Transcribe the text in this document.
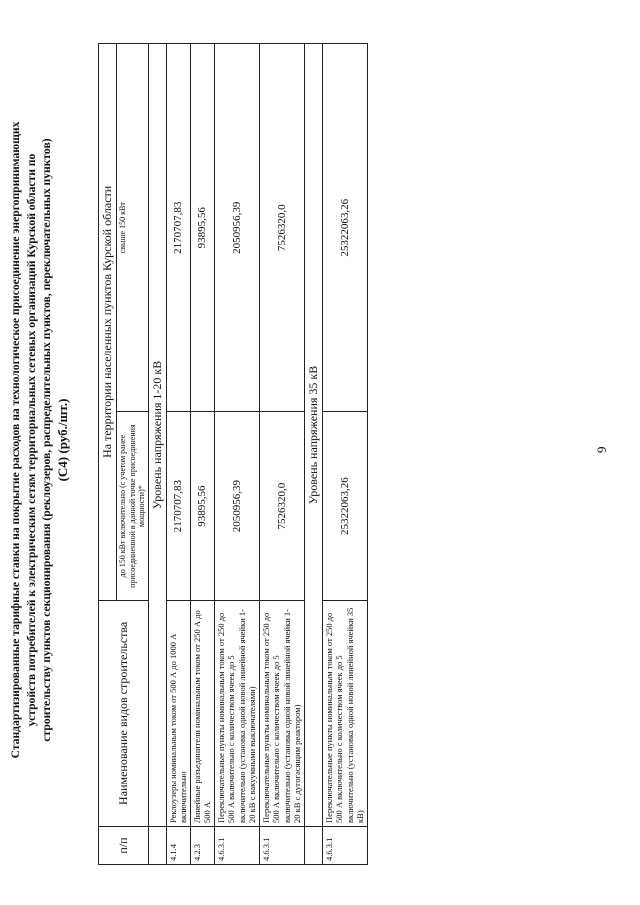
9
Стандартизированные тарифные ставки на покрытие расходов на технологическое присоединение энергопринимающих устройств потребителей к электрическим сетям территориальных сетевых организаций Курской области по строительству пунктов секционирования (реклоузеров, распределительных пунктов, переключательных пунктов) (С4) (руб./шт.)
п/п	Наименование видов строительства	На территории населенных пунктов Курской области	
		до 150 кВт включительно (с учетом ранее присоединенной в данной точке присоединения мощности)*	свыше 150 кВт
	Уровень напряжения 1-20 кВ		
4.1.4	Реклоузеры номинальным током от 500 А до 1000 А включительно	2170707,83	2170707,83
4.2.3	Линейные разъединители номинальным током от 250 А до 500 А	93895,56	93895,56
4.6.3.1	Переключательные пункты номинальным током от 250 до 500 А включительно с количеством ячеек до 5 включительно (установка одной новой линейной ячейки 1-20 кВ с вакуумными выключателями)	2050956,39	2050956,39
4.6.3.1	Переключательные пункты номинальным током от 250 до 500 А включительно с количеством ячеек до 5 включительно (установка одной новой линейной ячейки 1-20 кВ с дугогасящим реактором)	7526320,0	7526320,0
	Уровень напряжения 35 кВ		
4.6.3.1	Переключательные пункты номинальным током от 250 до 500 А включительно с количеством ячеек до 5 включительно (установка одной новой линейной ячейки 35 кВ)	25322063,26	25322063,26
